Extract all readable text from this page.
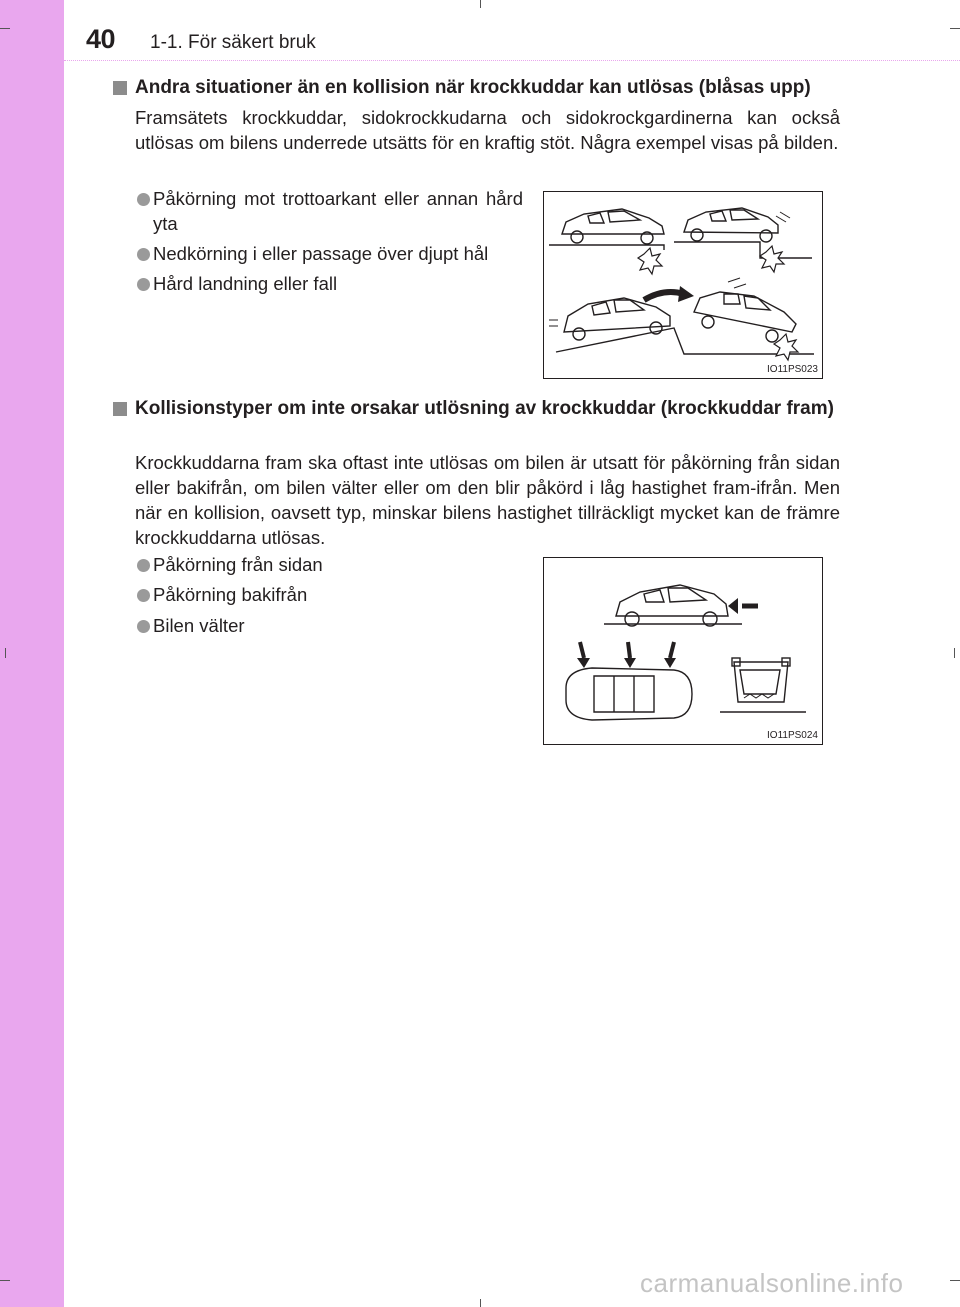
40 1-1. För säkert bruk
Andra situationer än en kollision när krockkuddar kan utlösas (blåsas upp)
Framsätets krockkuddar, sidokrockkudarna och sidokrockgardinerna kan också utlösas om bilens underrede utsätts för en kraftig stöt. Några exempel visas på bilden.
Påkörning mot trottoarkant eller annan hård yta
Nedkörning i eller passage över djupt hål
Hård landning eller fall
IO11PS023
Kollisionstyper om inte orsakar utlösning av krockkuddar (krockkuddar fram)
Krockkuddarna fram ska oftast inte utlösas om bilen är utsatt för påkörning från sidan eller bakifrån, om bilen välter eller om den blir påkörd i låg hastighet fram-ifrån. Men när en kollision, oavsett typ, minskar bilens hastighet tillräckligt mycket kan de främre krockkuddarna utlösas.
Påkörning från sidan
Påkörning bakifrån
Bilen välter
IO11PS024
carmanualsonline.info
